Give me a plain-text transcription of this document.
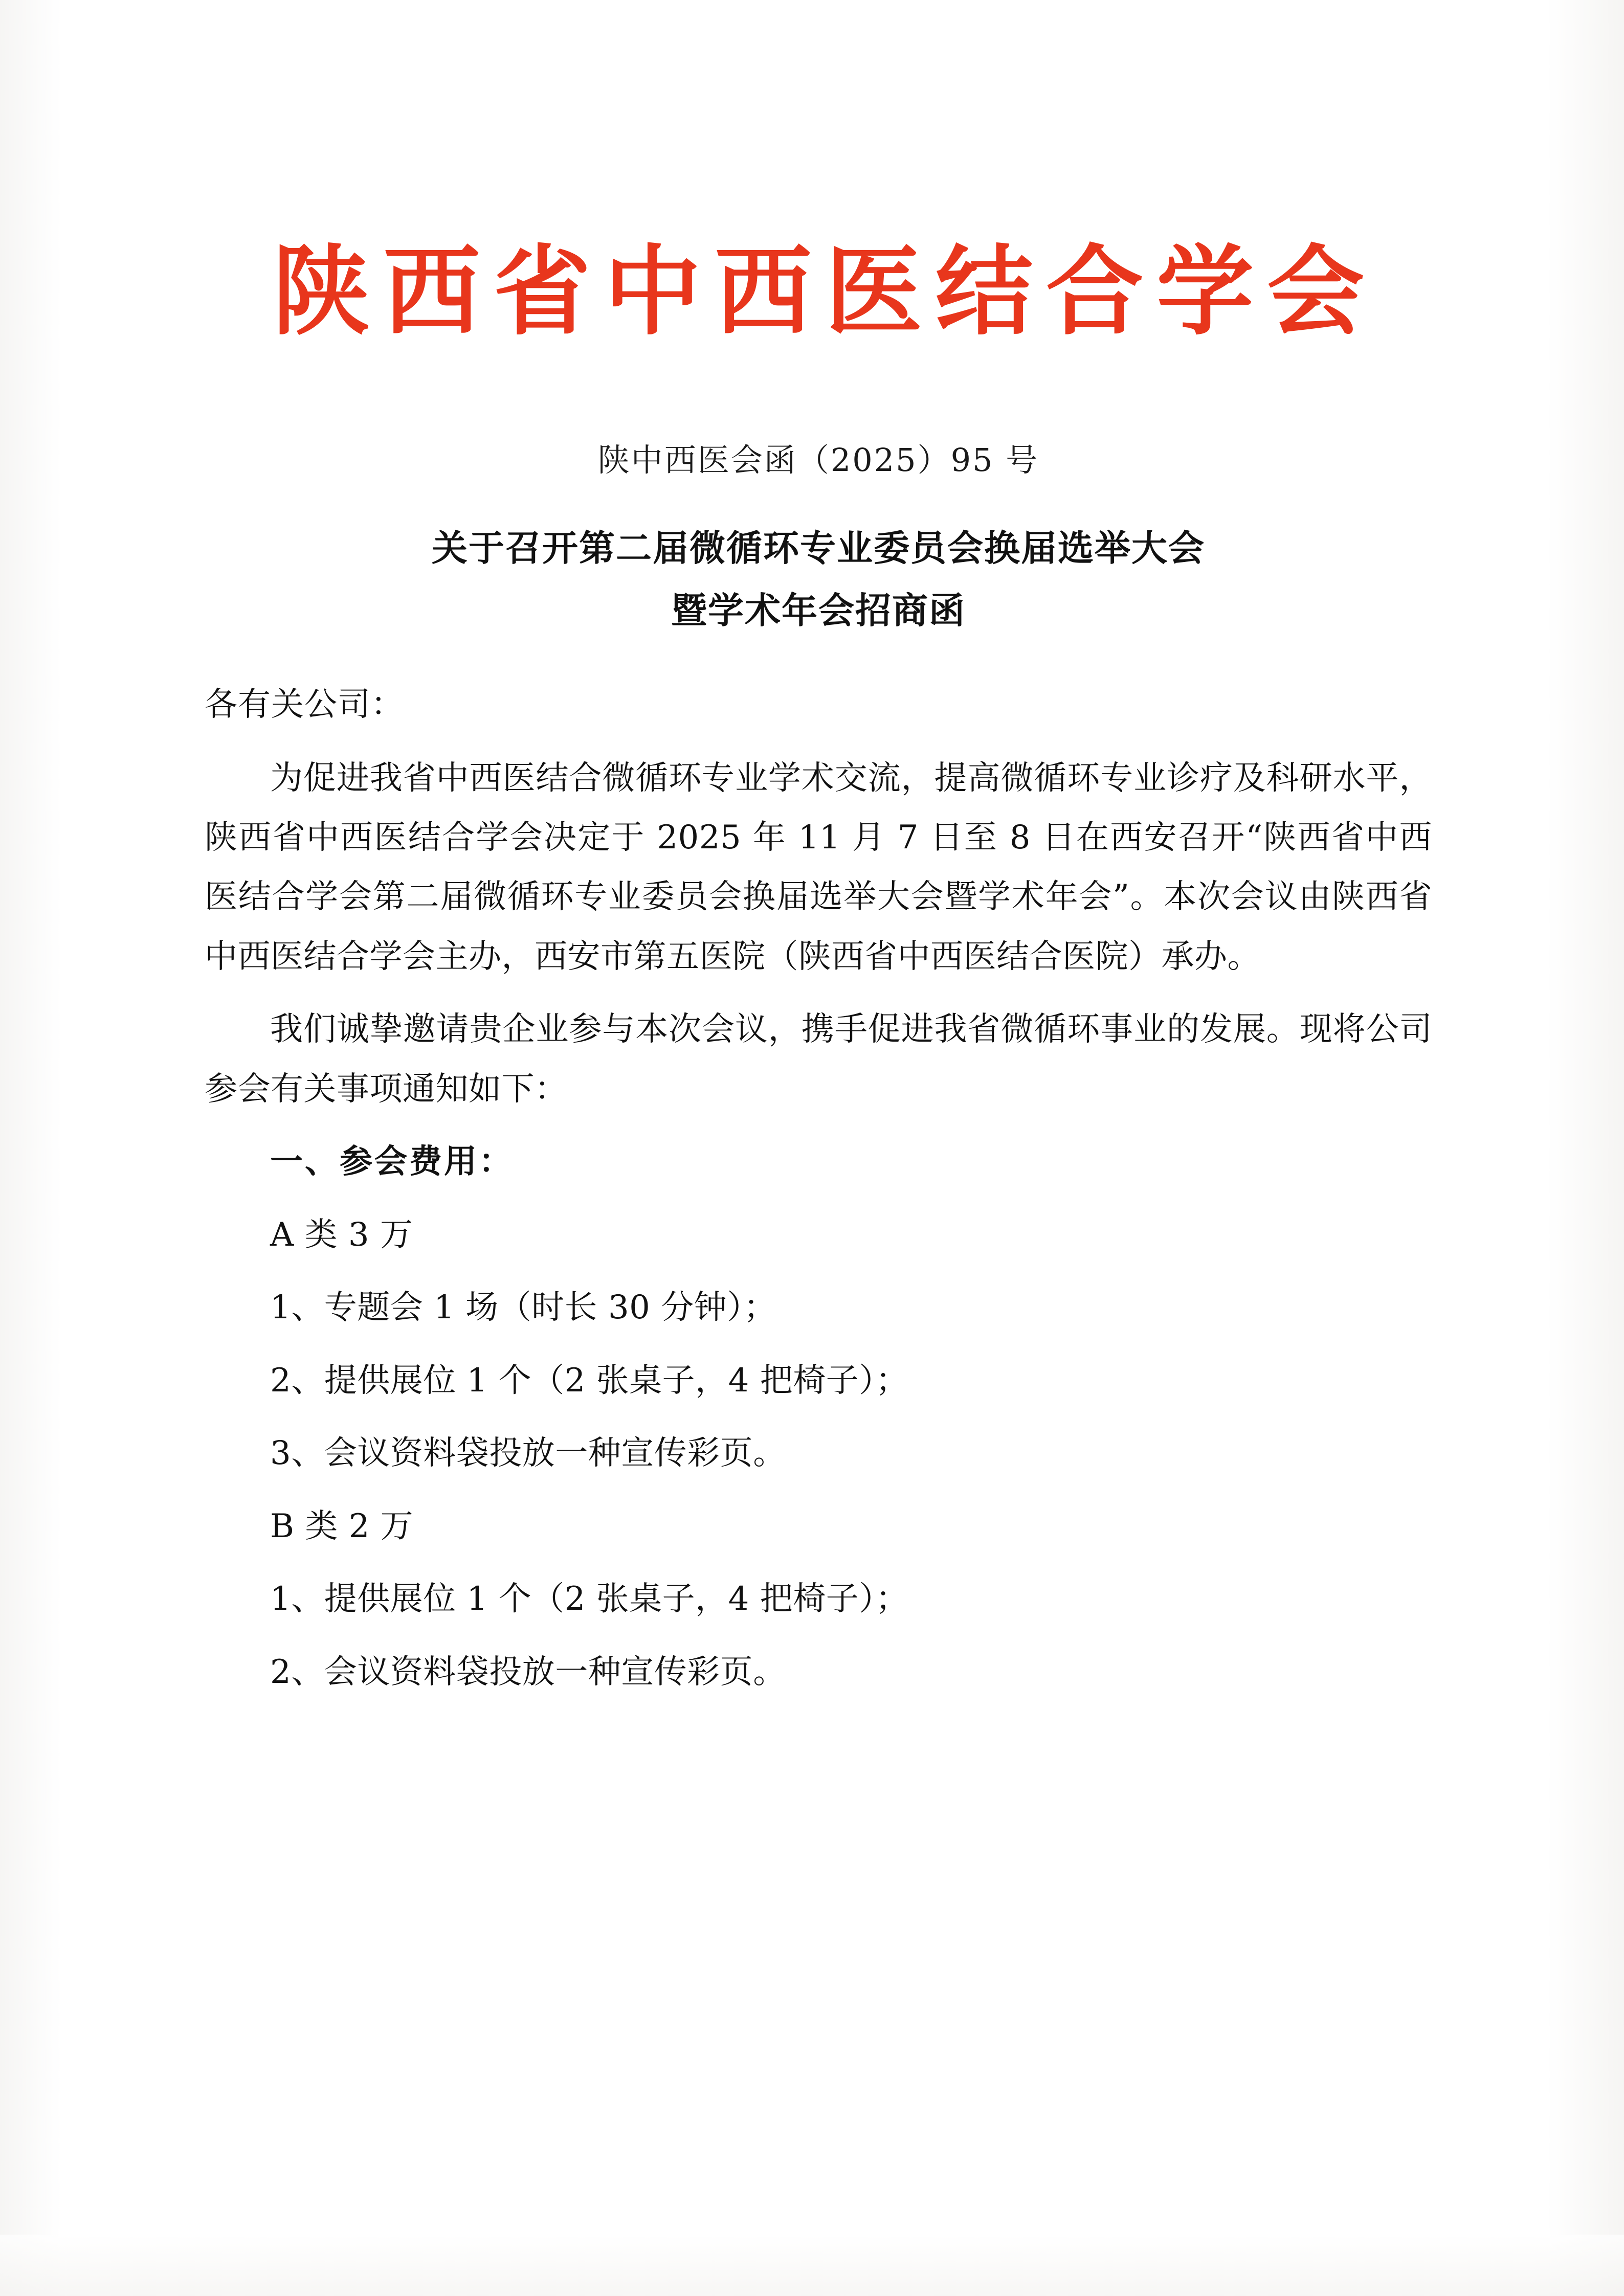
陕西省中西医结合学会
陕中西医会函（2025）95 号
关于召开第二届微循环专业委员会换届选举大会
暨学术年会招商函
各有关公司：

为促进我省中西医结合微循环专业学术交流，提高微循环专业诊疗及科研水平，陕西省中西医结合学会决定于 2025 年 11 月 7 日至 8 日在西安召开“陕西省中西医结合学会第二届微循环专业委员会换届选举大会暨学术年会”。本次会议由陕西省中西医结合学会主办，西安市第五医院（陕西省中西医结合医院）承办。

我们诚挚邀请贵企业参与本次会议，携手促进我省微循环事业的发展。现将公司参会有关事项通知如下：

一、参会费用：

A 类 3 万

1、专题会 1 场（时长 30 分钟）；

2、提供展位 1 个（2 张桌子，4 把椅子）；

3、会议资料袋投放一种宣传彩页。

B 类 2 万

1、提供展位 1 个（2 张桌子，4 把椅子）；

2、会议资料袋投放一种宣传彩页。
